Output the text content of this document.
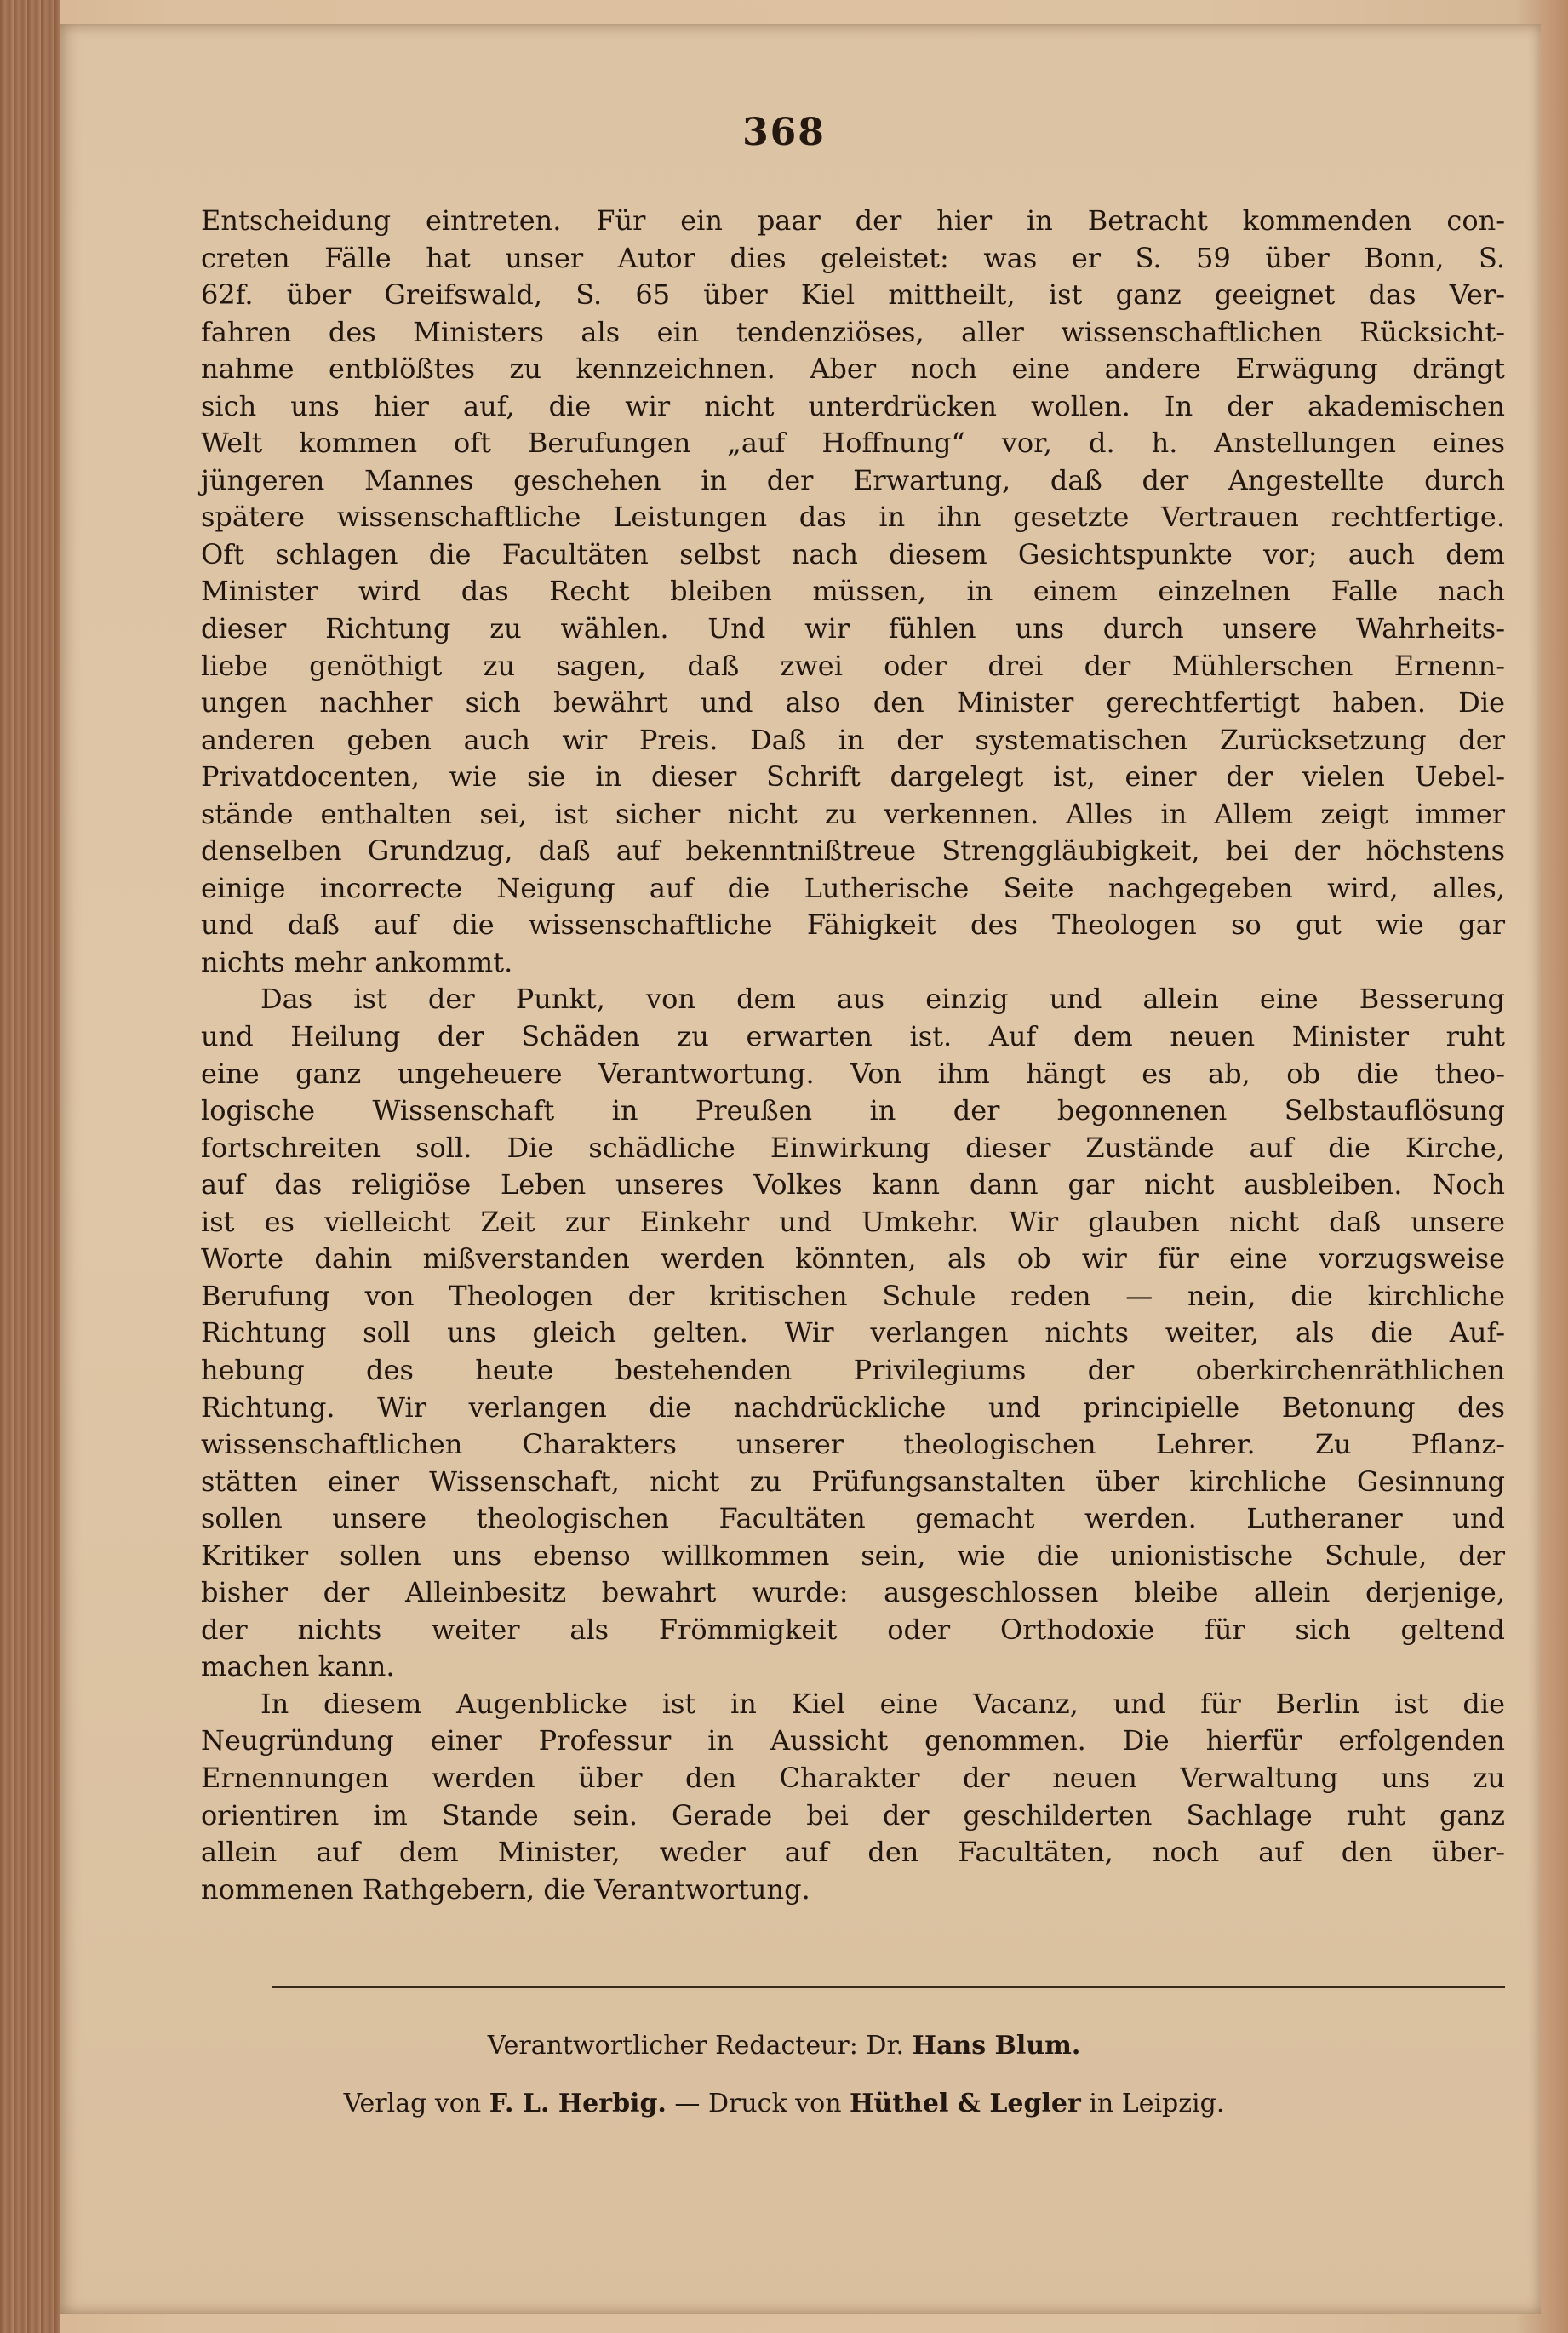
368
Entscheidung eintreten. Für ein paar der hier in Betracht kommenden con-
creten Fälle hat unser Autor dies geleistet: was er S. 59 über Bonn, S.
62f. über Greifswald, S. 65 über Kiel mittheilt, ist ganz geeignet das Ver-
fahren des Ministers als ein tendenziöses, aller wissenschaftlichen Rücksicht-
nahme entblößtes zu kennzeichnen. Aber noch eine andere Erwägung drängt
sich uns hier auf, die wir nicht unterdrücken wollen. In der akademischen
Welt kommen oft Berufungen „auf Hoffnung“ vor, d. h. Anstellungen eines
jüngeren Mannes geschehen in der Erwartung, daß der Angestellte durch
spätere wissenschaftliche Leistungen das in ihn gesetzte Vertrauen rechtfertige.
Oft schlagen die Facultäten selbst nach diesem Gesichtspunkte vor; auch dem
Minister wird das Recht bleiben müssen, in einem einzelnen Falle nach
dieser Richtung zu wählen. Und wir fühlen uns durch unsere Wahrheits-
liebe genöthigt zu sagen, daß zwei oder drei der Mühlerschen Ernenn-
ungen nachher sich bewährt und also den Minister gerechtfertigt haben. Die
anderen geben auch wir Preis. Daß in der systematischen Zurücksetzung der
Privatdocenten, wie sie in dieser Schrift dargelegt ist, einer der vielen Uebel-
stände enthalten sei, ist sicher nicht zu verkennen. Alles in Allem zeigt immer
denselben Grundzug, daß auf bekenntnißtreue Strenggläubigkeit, bei der höchstens
einige incorrecte Neigung auf die Lutherische Seite nachgegeben wird, alles,
und daß auf die wissenschaftliche Fähigkeit des Theologen so gut wie gar
nichts mehr ankommt.
Das ist der Punkt, von dem aus einzig und allein eine Besserung
und Heilung der Schäden zu erwarten ist. Auf dem neuen Minister ruht
eine ganz ungeheuere Verantwortung. Von ihm hängt es ab, ob die theo-
logische Wissenschaft in Preußen in der begonnenen Selbstauflösung
fortschreiten soll. Die schädliche Einwirkung dieser Zustände auf die Kirche,
auf das religiöse Leben unseres Volkes kann dann gar nicht ausbleiben. Noch
ist es vielleicht Zeit zur Einkehr und Umkehr. Wir glauben nicht daß unsere
Worte dahin mißverstanden werden könnten, als ob wir für eine vorzugsweise
Berufung von Theologen der kritischen Schule reden — nein, die kirchliche
Richtung soll uns gleich gelten. Wir verlangen nichts weiter, als die Auf-
hebung des heute bestehenden Privilegiums der oberkirchenräthlichen
Richtung. Wir verlangen die nachdrückliche und principielle Betonung des
wissenschaftlichen Charakters unserer theologischen Lehrer. Zu Pflanz-
stätten einer Wissenschaft, nicht zu Prüfungsanstalten über kirchliche Gesinnung
sollen unsere theologischen Facultäten gemacht werden. Lutheraner und
Kritiker sollen uns ebenso willkommen sein, wie die unionistische Schule, der
bisher der Alleinbesitz bewahrt wurde: ausgeschlossen bleibe allein derjenige,
der nichts weiter als Frömmigkeit oder Orthodoxie für sich geltend
machen kann.
In diesem Augenblicke ist in Kiel eine Vacanz, und für Berlin ist die
Neugründung einer Professur in Aussicht genommen. Die hierfür erfolgenden
Ernennungen werden über den Charakter der neuen Verwaltung uns zu
orientiren im Stande sein. Gerade bei der geschilderten Sachlage ruht ganz
allein auf dem Minister, weder auf den Facultäten, noch auf den über-
nommenen Rathgebern, die Verantwortung.
Verantwortlicher Redacteur: Dr. Hans Blum.
Verlag von F. L. Herbig. — Druck von Hüthel & Legler in Leipzig.
